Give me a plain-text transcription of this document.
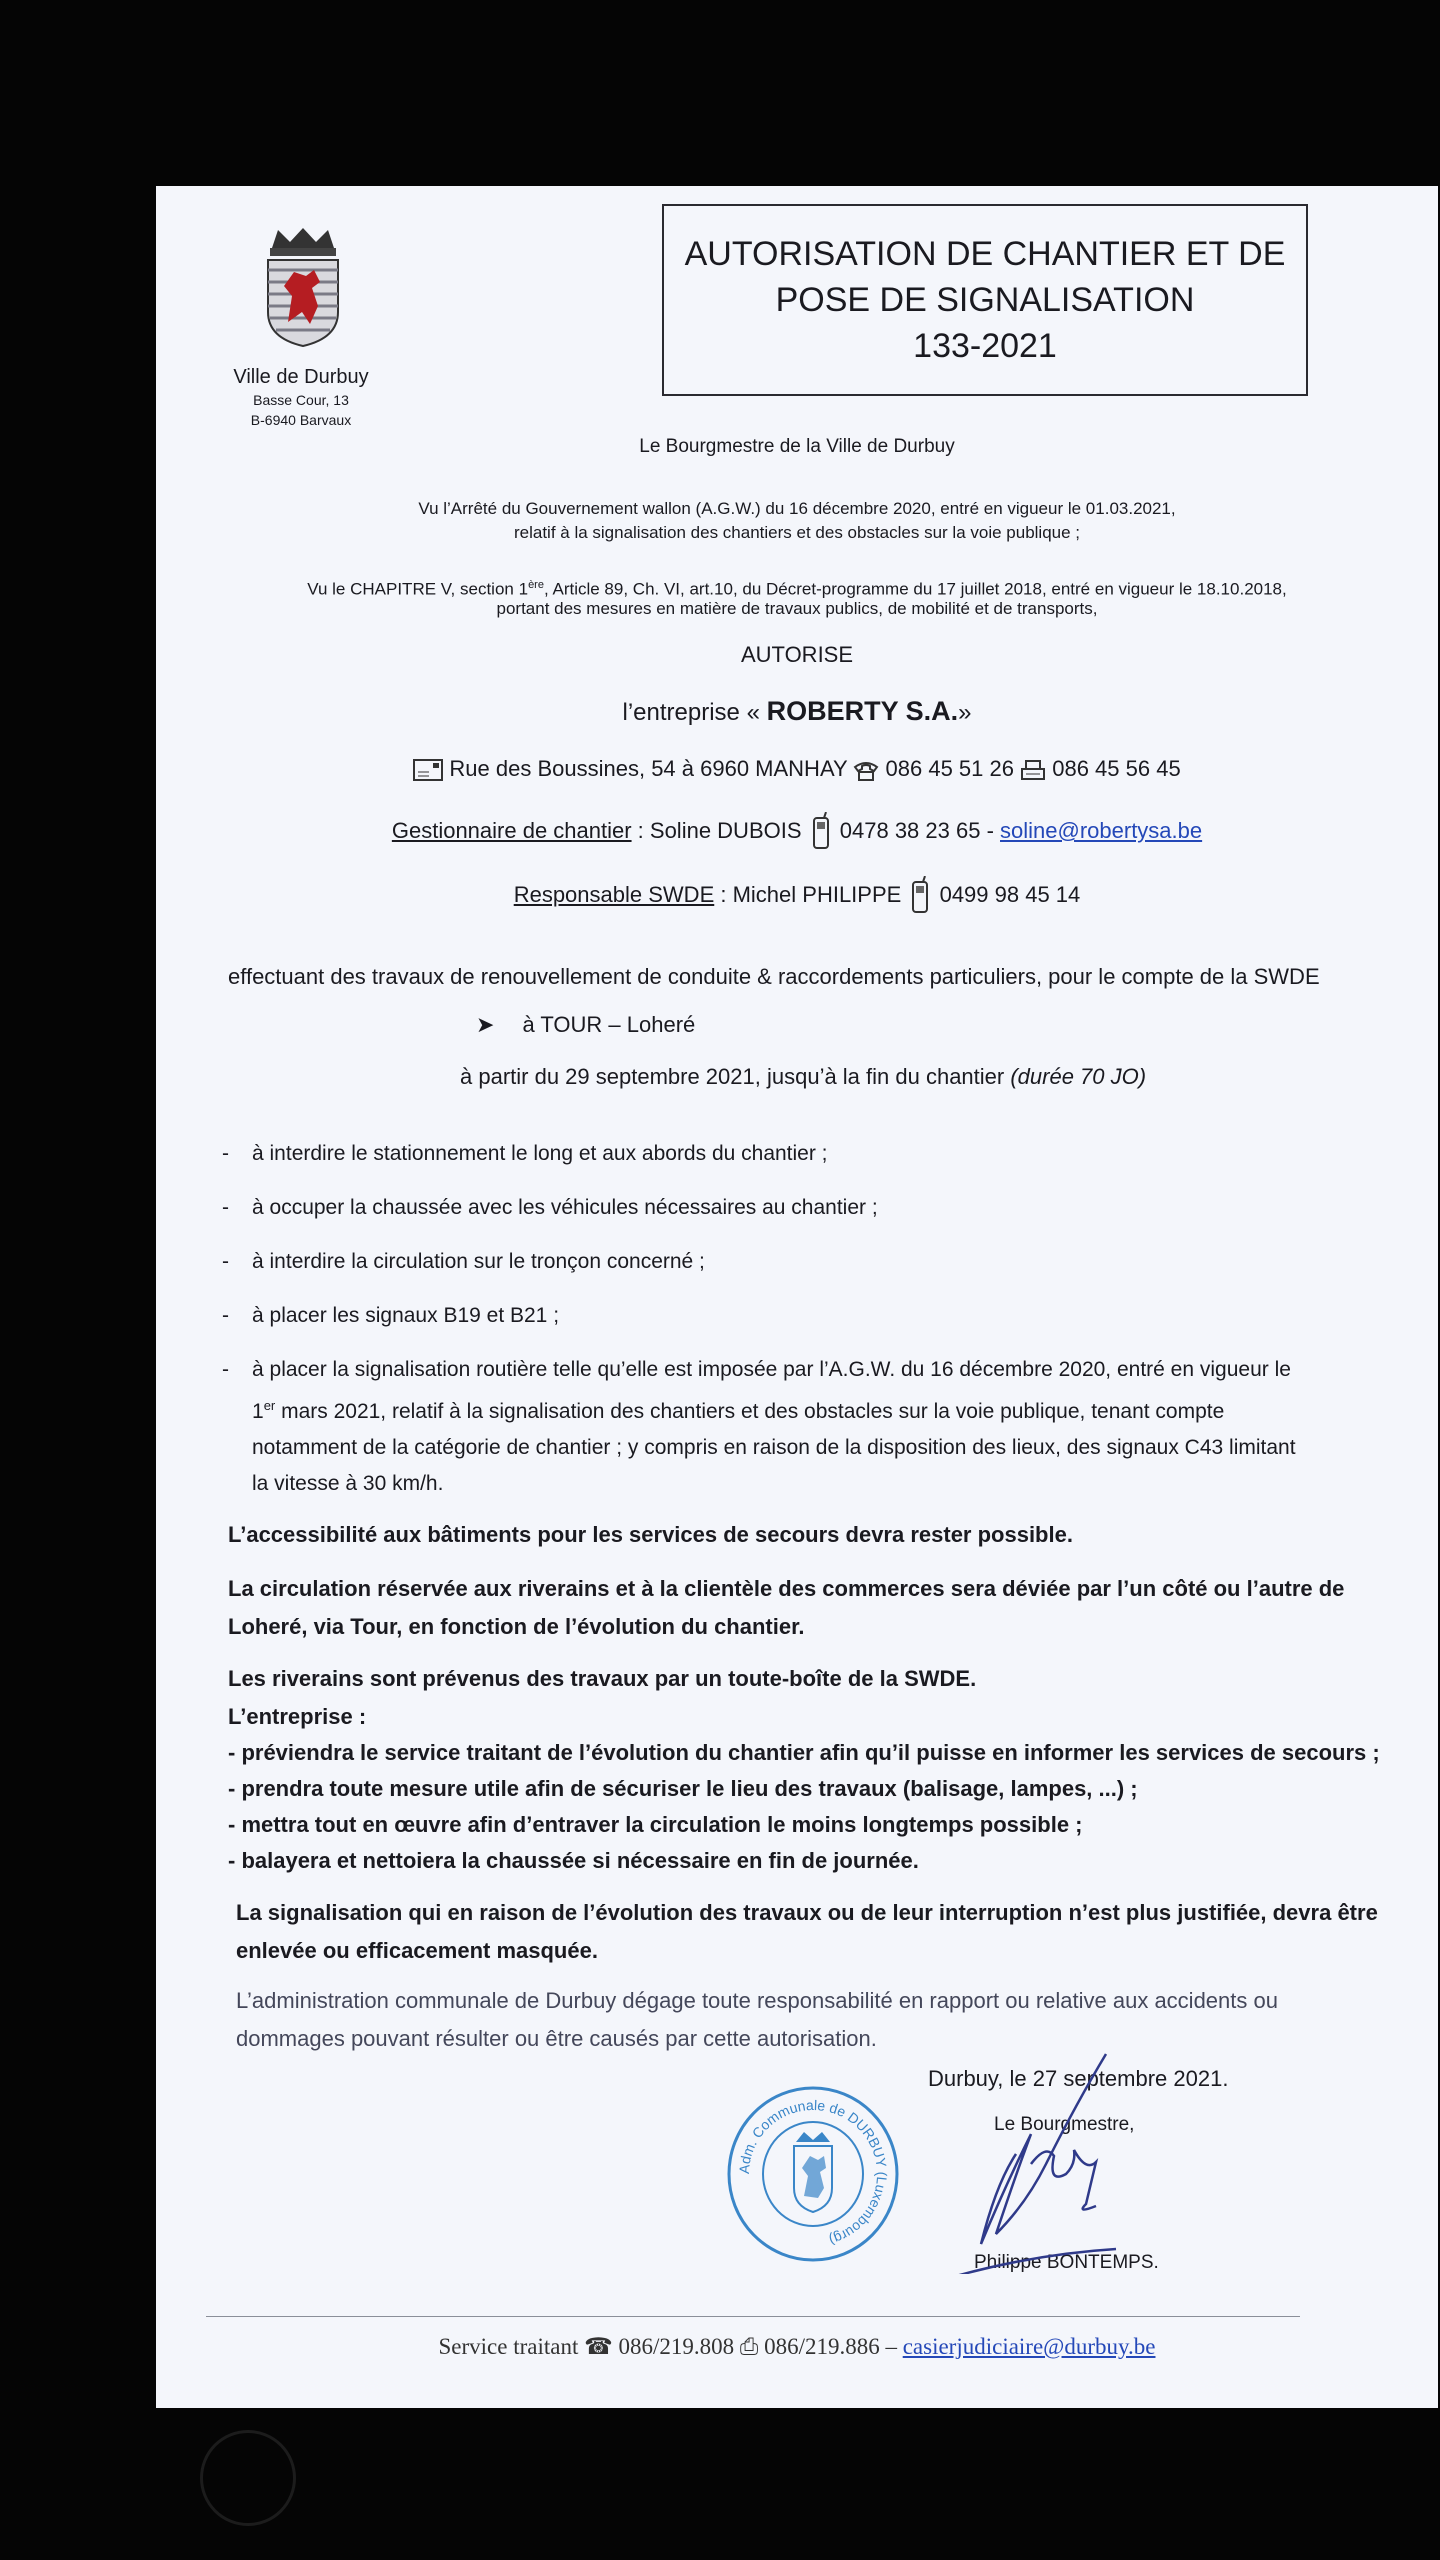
Ville de Durbuy
Basse Cour, 13
B-6940 Barvaux
AUTORISATION DE CHANTIER ET DE
POSE DE SIGNALISATION
133-2021
Le Bourgmestre de la Ville de Durbuy
Vu l’Arrêté du Gouvernement wallon (A.G.W.) du 16 décembre 2020, entré en vigueur le 01.03.2021,
relatif à la signalisation des chantiers et des obstacles sur la voie publique ;
Vu le CHAPITRE V, section 1ère, Article 89, Ch. VI, art.10, du Décret-programme du 17 juillet 2018, entré en vigueur le 18.10.2018,
portant des mesures en matière de travaux publics, de mobilité et de transports,
AUTORISE
l’entreprise « ROBERTY S.A.»
Rue des Boussines, 54 à 6960 MANHAY 086 45 51 26 086 45 56 45
Gestionnaire de chantier : Soline DUBOIS 0478 38 23 65 - soline@robertysa.be
Responsable SWDE : Michel PHILIPPE 0499 98 45 14
effectuant des travaux de renouvellement de conduite & raccordements particuliers, pour le compte de la SWDE
➤ à TOUR – Loheré
à partir du 29 septembre 2021, jusqu’à la fin du chantier (durée 70 JO)
- à interdire le stationnement le long et aux abords du chantier ;
- à occuper la chaussée avec les véhicules nécessaires au chantier ;
- à interdire la circulation sur le tronçon concerné ;
- à placer les signaux B19 et B21 ;
- à placer la signalisation routière telle qu’elle est imposée par l’A.G.W. du 16 décembre 2020, entré en vigueur le
1er mars 2021, relatif à la signalisation des chantiers et des obstacles sur la voie publique, tenant compte
notamment de la catégorie de chantier ; y compris en raison de la disposition des lieux, des signaux C43 limitant
la vitesse à 30 km/h.
L’accessibilité aux bâtiments pour les services de secours devra rester possible.
La circulation réservée aux riverains et à la clientèle des commerces sera déviée par l’un côté ou l’autre de
Loheré, via Tour, en fonction de l’évolution du chantier.
Les riverains sont prévenus des travaux par un toute-boîte de la SWDE.
L’entreprise :
- préviendra le service traitant de l’évolution du chantier afin qu’il puisse en informer les services de secours ;
- prendra toute mesure utile afin de sécuriser le lieu des travaux (balisage, lampes, ...) ;
- mettra tout en œuvre afin d’entraver la circulation le moins longtemps possible ;
- balayera et nettoiera la chaussée si nécessaire en fin de journée.
La signalisation qui en raison de l’évolution des travaux ou de leur interruption n’est plus justifiée, devra être
enlevée ou efficacement masquée.
L’administration communale de Durbuy dégage toute responsabilité en rapport ou relative aux accidents ou
dommages pouvant résulter ou être causés par cette autorisation.
Durbuy, le 27 septembre 2021.
Le Bourgmestre,
Philippe BONTEMPS.
Adm. Communale de DURBUY (Luxembourg)
Service traitant ☎ 086/219.808 ⎙ 086/219.886 – casierjudiciaire@durbuy.be
